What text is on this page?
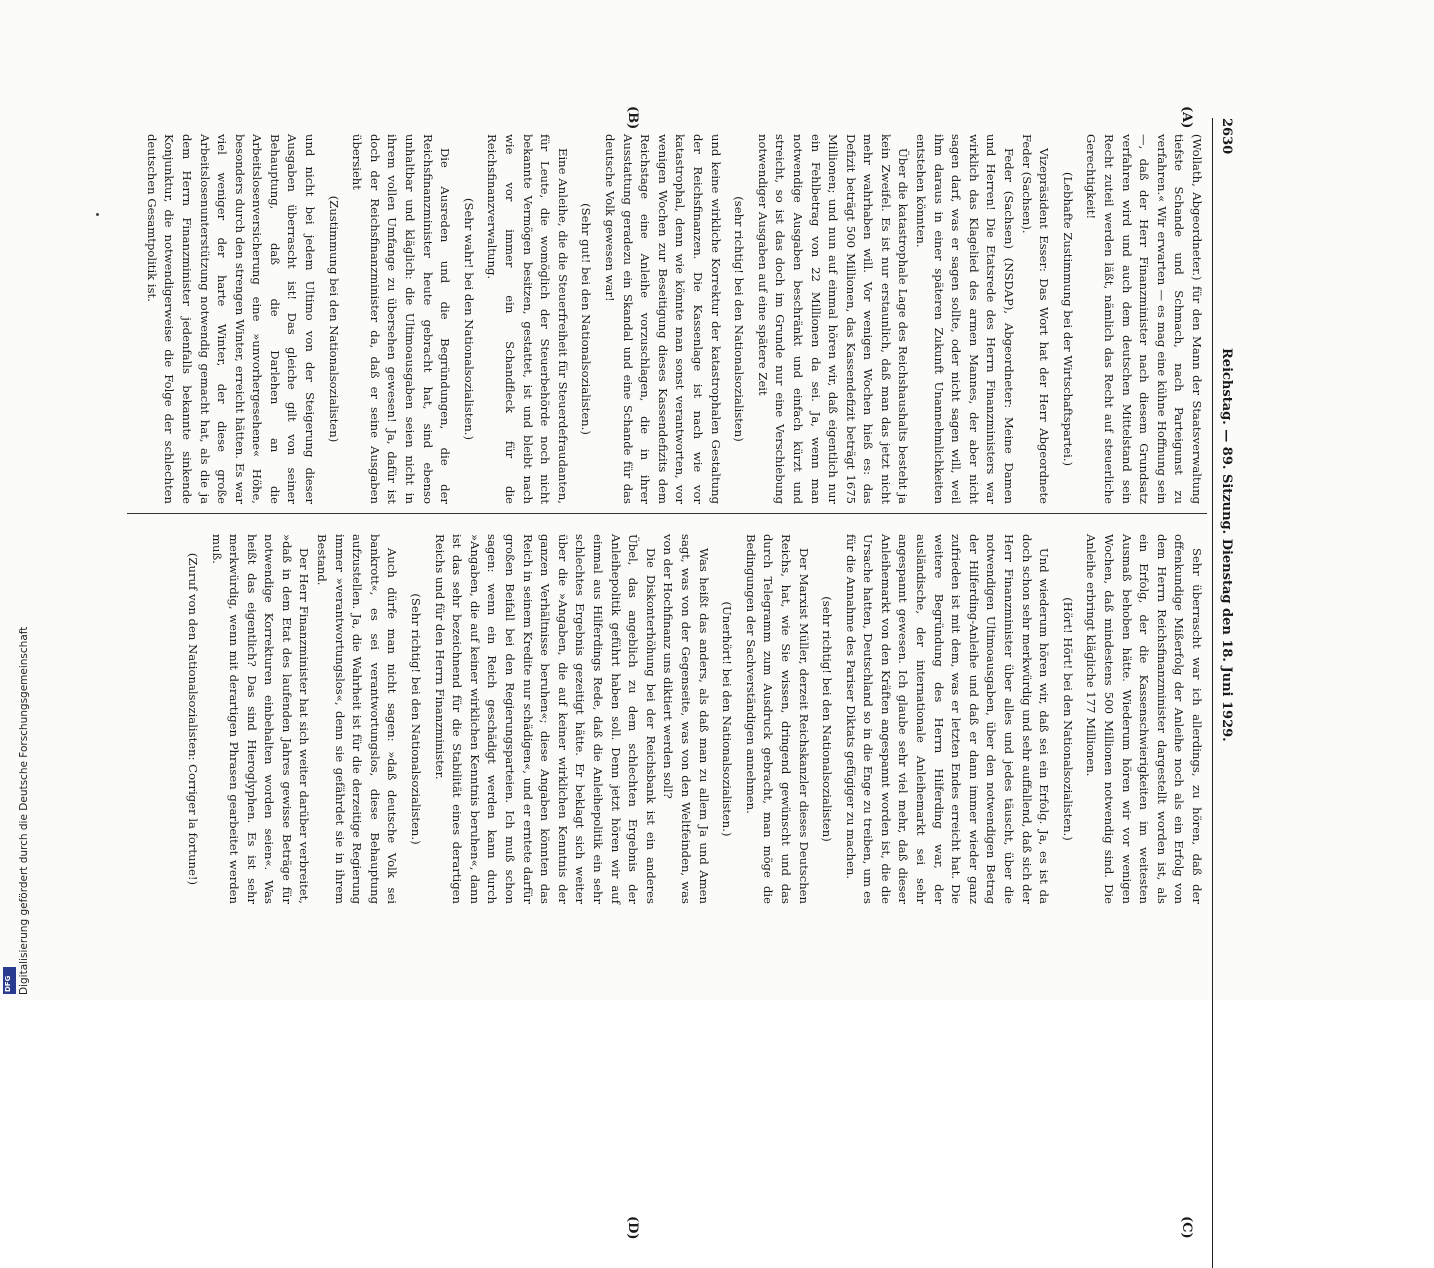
2630
Reichstag. — 89. Sitzung. Dienstag den 18. Juni 1929.
(A)
(B)
(C)
(D)

(Wollath, Abgeordneter.) für den Mann der Staatsverwaltung tiefste Schande und Schmach, nach Parteigunst zu verfahren.« Wir erwarten — es mag eine kühne Hoffnung sein —, daß der Herr Finanzminister nach diesem Grundsatz verfahren wird und auch dem deutschen Mittelstand sein Recht zuteil werden läßt, nämlich das Recht auf steuerliche Gerechtigkeit!

(Lebhafte Zustimmung bei der Wirtschaftspartei.)

Vizepräsident Esser: Das Wort hat der Herr Abgeordnete Feder (Sachsen).

Feder (Sachsen) (NSDAP), Abgeordneter: Meine Damen und Herren! Die Etatsrede des Herrn Finanzministers war wirklich das Klagelied des armen Mannes, der aber nicht sagen darf, was er sagen sollte, oder nicht sagen will, weil ihm daraus in einer späteren Zukunft Unannehmlichkeiten entstehen könnten.

Über die katastrophale Lage des Reichshaushalts besteht ja kein Zweifel. Es ist nur erstaunlich, daß man das jetzt nicht mehr wahrhaben will. Vor wenigen Wochen hieß es: das Defizit beträgt 500 Millionen, das Kassendefizit beträgt 1675 Millionen; und nun auf einmal hören wir, daß eigentlich nur ein Fehlbetrag von 22 Millionen da sei. Ja, wenn man notwendige Ausgaben beschränkt und einfach kürzt und streicht, so ist das doch im Grunde nur eine Verschiebung notwendiger Ausgaben auf eine spätere Zeit

(sehr richtig! bei den Nationalsozialisten)

und keine wirkliche Korrektur der katastrophalen Gestaltung der Reichsfinanzen. Die Kassenlage ist nach wie vor katastrophal, denn wie könnte man sonst verantworten, vor wenigen Wochen zur Beseitigung dieses Kassendefizits dem Reichstage eine Anleihe vorzuschlagen, die in ihrer Ausstattung geradezu ein Skandal und eine Schande für das deutsche Volk gewesen war!

(Sehr gut! bei den Nationalsozialisten.)

Eine Anleihe, die die Steuerfreiheit für Steuerdefraudanten, für Leute, die womöglich der Steuerbehörde noch nicht bekannte Vermögen besitzen, gestattet, ist und bleibt nach wie vor immer ein Schandfleck für die Reichsfinanzverwaltung.

(Sehr wahr! bei den Nationalsozialisten.)

Die Ausreden und die Begründungen, die der Reichsfinanzminister heute gebracht hat, sind ebenso unhaltbar und kläglich: die Ultimoausgaben seien nicht in ihrem vollen Umfange zu übersehen gewesen! Ja, dafür ist doch der Reichsfinanzminister da, daß er seine Ausgaben übersieht

(Zustimmung bei den Nationalsozialisten)

und nicht bei jedem Ultimo von der Steigerung dieser Ausgaben überrascht ist! Das gleiche gilt von seiner Behauptung, daß die Darlehen an die Arbeitslosenversicherung eine »unvorhergesehene« Höhe, besonders durch den strengen Winter, erreicht hätten. Es war viel weniger der harte Winter, der diese große Arbeitslosenunterstützung notwendig gemacht hat, als die ja dem Herrn Finanzminister jedenfalls bekannte sinkende Konjunktur, die notwendigerweise die Folge der schlechten deutschen Gesamtpolitik ist.

Sehr überrascht war ich allerdings, zu hören, daß der offenkundige Mißerfolg der Anleihe noch als ein Erfolg von dem Herrn Reichsfinanzminister dargestellt worden ist, als ein Erfolg, der die Kassenschwierigkeiten im weitesten Ausmaß behoben hätte. Wiederum hören wir vor wenigen Wochen, daß mindestens 500 Millionen notwendig sind. Die Anleihe erbringt klägliche 177 Millionen.

(Hört! Hört! bei den Nationalsozialisten.)

Und wiederum hören wir, daß sei ein Erfolg. Ja, es ist da doch schon sehr merkwürdig und sehr auffallend, daß sich der Herr Finanzminister über alles und jedes täuscht, über die notwendigen Ultimoausgaben, über den notwendigen Betrag der Hilferding-Anleihe und daß er dann immer wieder ganz zufrieden ist mit dem, was er letzten Endes erreicht hat. Die weitere Begründung des Herrn Hilferding war, der ausländische, der internationale Anleihemarkt sei sehr angespannt gewesen. Ich glaube sehr viel mehr, daß dieser Anleihemarkt von den Kräften angespannt worden ist, die die Ursache hatten, Deutschland so in die Enge zu treiben, um es für die Annahme des Pariser Diktats gefügiger zu machen.

(sehr richtig! bei den Nationalsozialisten)

Der Marxist Müller, derzeit Reichskanzler dieses Deutschen Reichs, hat, wie Sie wissen, dringend gewünscht und das durch Telegramm zum Ausdruck gebracht, man möge die Bedingungen der Sachverständigen annehmen.

(Unerhört! bei den Nationalsozialisten.)

Was heißt das anders, als daß man zu allem Ja und Amen sagt, was von der Gegenseite, was von den Weltfeinden, was von der Hochfinanz uns diktiert werden soll?

Die Diskonterhöhung bei der Reichsbank ist ein anderes Übel, das angeblich zu dem schlechten Ergebnis der Anleihepolitik geführt haben soll. Denn jetzt hören wir auf einmal aus Hilferdings Rede, daß die Anleihepolitik ein sehr schlechtes Ergebnis gezeitigt hätte. Er beklagt sich weiter über die »Angaben, die auf keiner wirklichen Kenntnis der ganzen Verhältnisse beruhen«; diese Angaben könnten das Reich in seinem Kredite nur schädigen«, und er erntete darfür großen Beifall bei den Regierungsparteien. Ich muß schon sagen: wenn ein Reich geschädigt werden kann durch »Angaben, die auf keiner wirklichen Kenntnis beruhen«, dann ist das sehr bezeichnend für die Stabilität eines derartigen Reichs und für den Herrn Finanzminister.

(Sehr richtig! bei den Nationalsozialisten.)

Auch dürfe man nicht sagen: »daß deutsche Volk sei bankrott«, es sei verantwortungslos, diese Behauptung aufzustellen. Ja, die Wahrheit ist für die derzeitige Regierung immer »verantwortungslos«, denn sie gefährdet sie in ihrem Bestand.

Der Herr Finanzminister hat sich weiter darüber verbreitet, »daß in dem Etat des laufenden Jahres gewisse Beträge für notwendige Korrekturen einbehalten worden seien«. Was heißt das eigentlich? Das sind Hieroglyphen. Es ist sehr merkwürdig, wenn mit derartigen Phrasen gearbeitet werden muß.

(Zuruf von den Nationalsozialisten: Corriger la fortune!)

Digitalisierung gefördert durch die Deutsche Forschungsgemeinschaft
DFG
